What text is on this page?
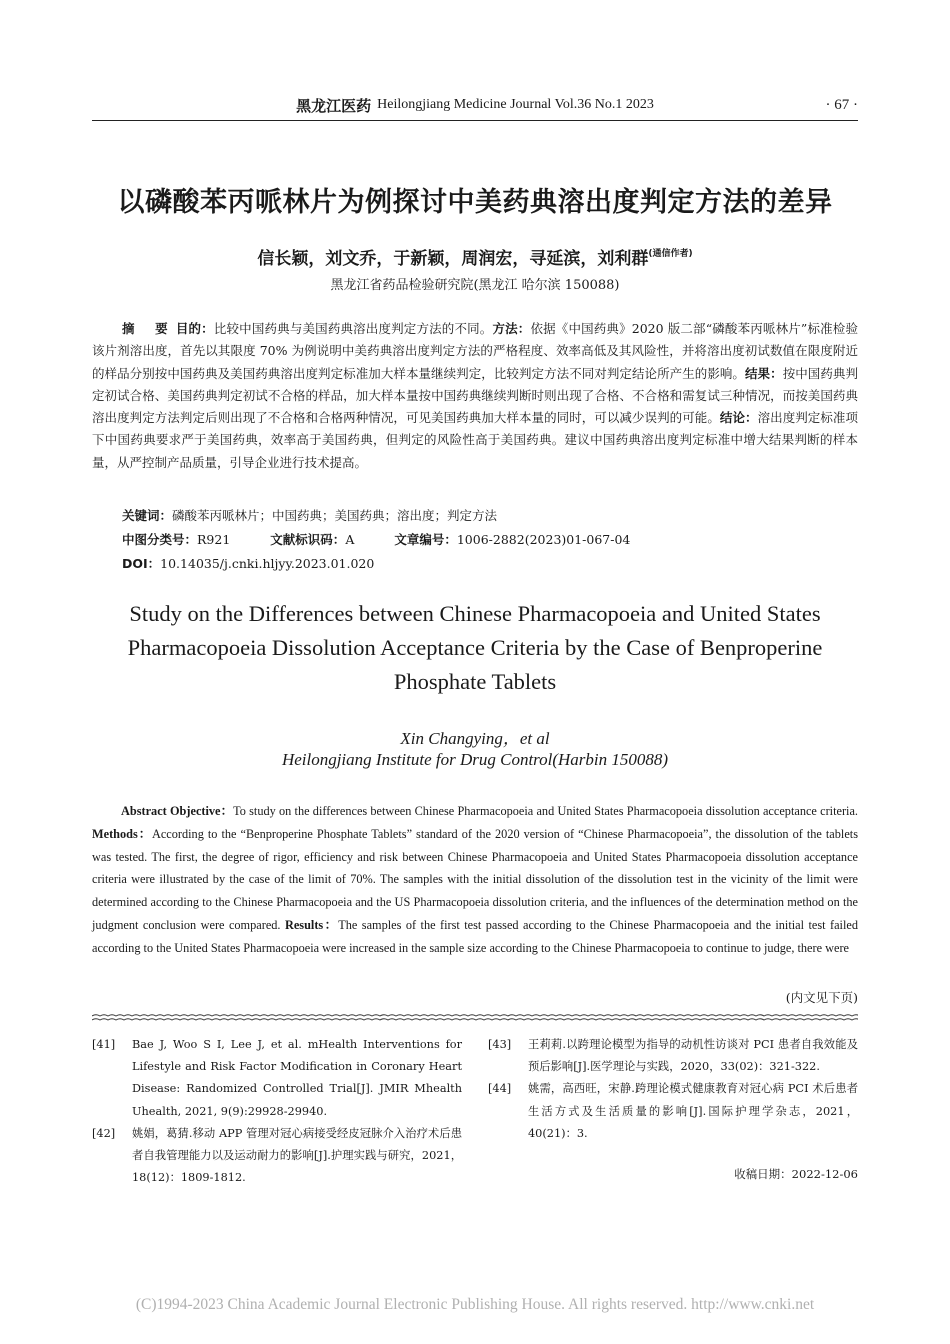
黑龙江医药 Heilongjiang Medicine Journal Vol.36 No.1 2023	· 67 ·
以磷酸苯丙哌林片为例探讨中美药典溶出度判定方法的差异
信长颖，刘文乔，于新颖，周润宏，寻延滨，刘利群$^{(通信作者)}$
黑龙江省药品检验研究院(黑龙江 哈尔滨 150088)
摘 要目的：比较中国药典与美国药典溶出度判定方法的不同。方法：依据《中国药典》2020 版二部“磷酸苯丙哌林片”标准检验该片剂溶出度，首先以其限度 70% 为例说明中美药典溶出度判定方法的严格程度、效率高低及其风险性，并将溶出度初试数值在限度附近的样品分别按中国药典及美国药典溶出度判定标准加大样本量继续判定，比较判定方法不同对判定结论所产生的影响。结果：按中国药典判定初试合格、美国药典判定初试不合格的样品，加大样本量按中国药典继续判断时则出现了合格、不合格和需复试三种情况，而按美国药典溶出度判定方法判定后则出现了不合格和合格两种情况，可见美国药典加大样本量的同时，可以减少误判的可能。结论：溶出度判定标准项下中国药典要求严于美国药典，效率高于美国药典，但判定的风险性高于美国药典。建议中国药典溶出度判定标准中增大结果判断的样本量，从严控制产品质量，引导企业进行技术提高。
关键词：磷酸苯丙哌林片；中国药典；美国药典；溶出度；判定方法
中图分类号：R921	文献标识码：A	文章编号：1006-2882(2023)01-067-04
DOI：10.14035/j.cnki.hljyy.2023.01.020
Study on the Differences between Chinese Pharmacopoeia and United States Pharmacopoeia Dissolution Acceptance Criteria by the Case of Benproperine Phosphate Tablets
Xin Changying，et al
Heilongjiang Institute for Drug Control(Harbin 150088)
Abstract Objective：To study on the differences between Chinese Pharmacopoeia and United States Pharmacopoeia dissolution acceptance criteria. Methods：According to the “Benproperine Phosphate Tablets” standard of the 2020 version of “Chinese Pharmacopoeia”, the dissolution of the tablets was tested. The first, the degree of rigor, efficiency and risk between Chinese Pharmacopoeia and United States Pharmacopoeia dissolution acceptance criteria were illustrated by the case of the limit of 70%. The samples with the initial dissolution of the dissolution test in the vicinity of the limit were determined according to the Chinese Pharmacopoeia and the US Pharmacopoeia dissolution criteria, and the influences of the determination method on the judgment conclusion were compared. Results：The samples of the first test passed according to the Chinese Pharmacopoeia and the initial test failed according to the United States Pharmacopoeia were increased in the sample size according to the Chinese Pharmacopoeia to continue to judge, there were
(内文见下页)
[41]	Bae J, Woo S I, Lee J, et al. mHealth Interventions for Lifestyle and Risk Factor Modification in Coronary Heart Disease: Randomized Controlled Trial[J]. JMIR Mhealth Uhealth, 2021, 9(9):29928-29940.
[42]	姚娟，葛猜.移动 APP 管理对冠心病接受经皮冠脉介入治疗术后患者自我管理能力以及运动耐力的影响[J].护理实践与研究，2021，18(12)：1809-1812.
[43]	王莉莉.以跨理论模型为指导的动机性访谈对 PCI 患者自我效能及预后影响[J].医学理论与实践，2020，33(02)：321-322.
[44]	姚需，高西旺，宋静.跨理论模式健康教育对冠心病 PCI 术后患者生活方式及生活质量的影响[J].国际护理学杂志，2021，40(21)：3.
收稿日期：2022-12-06
(C)1994-2023 China Academic Journal Electronic Publishing House. All rights reserved. http://www.cnki.net
